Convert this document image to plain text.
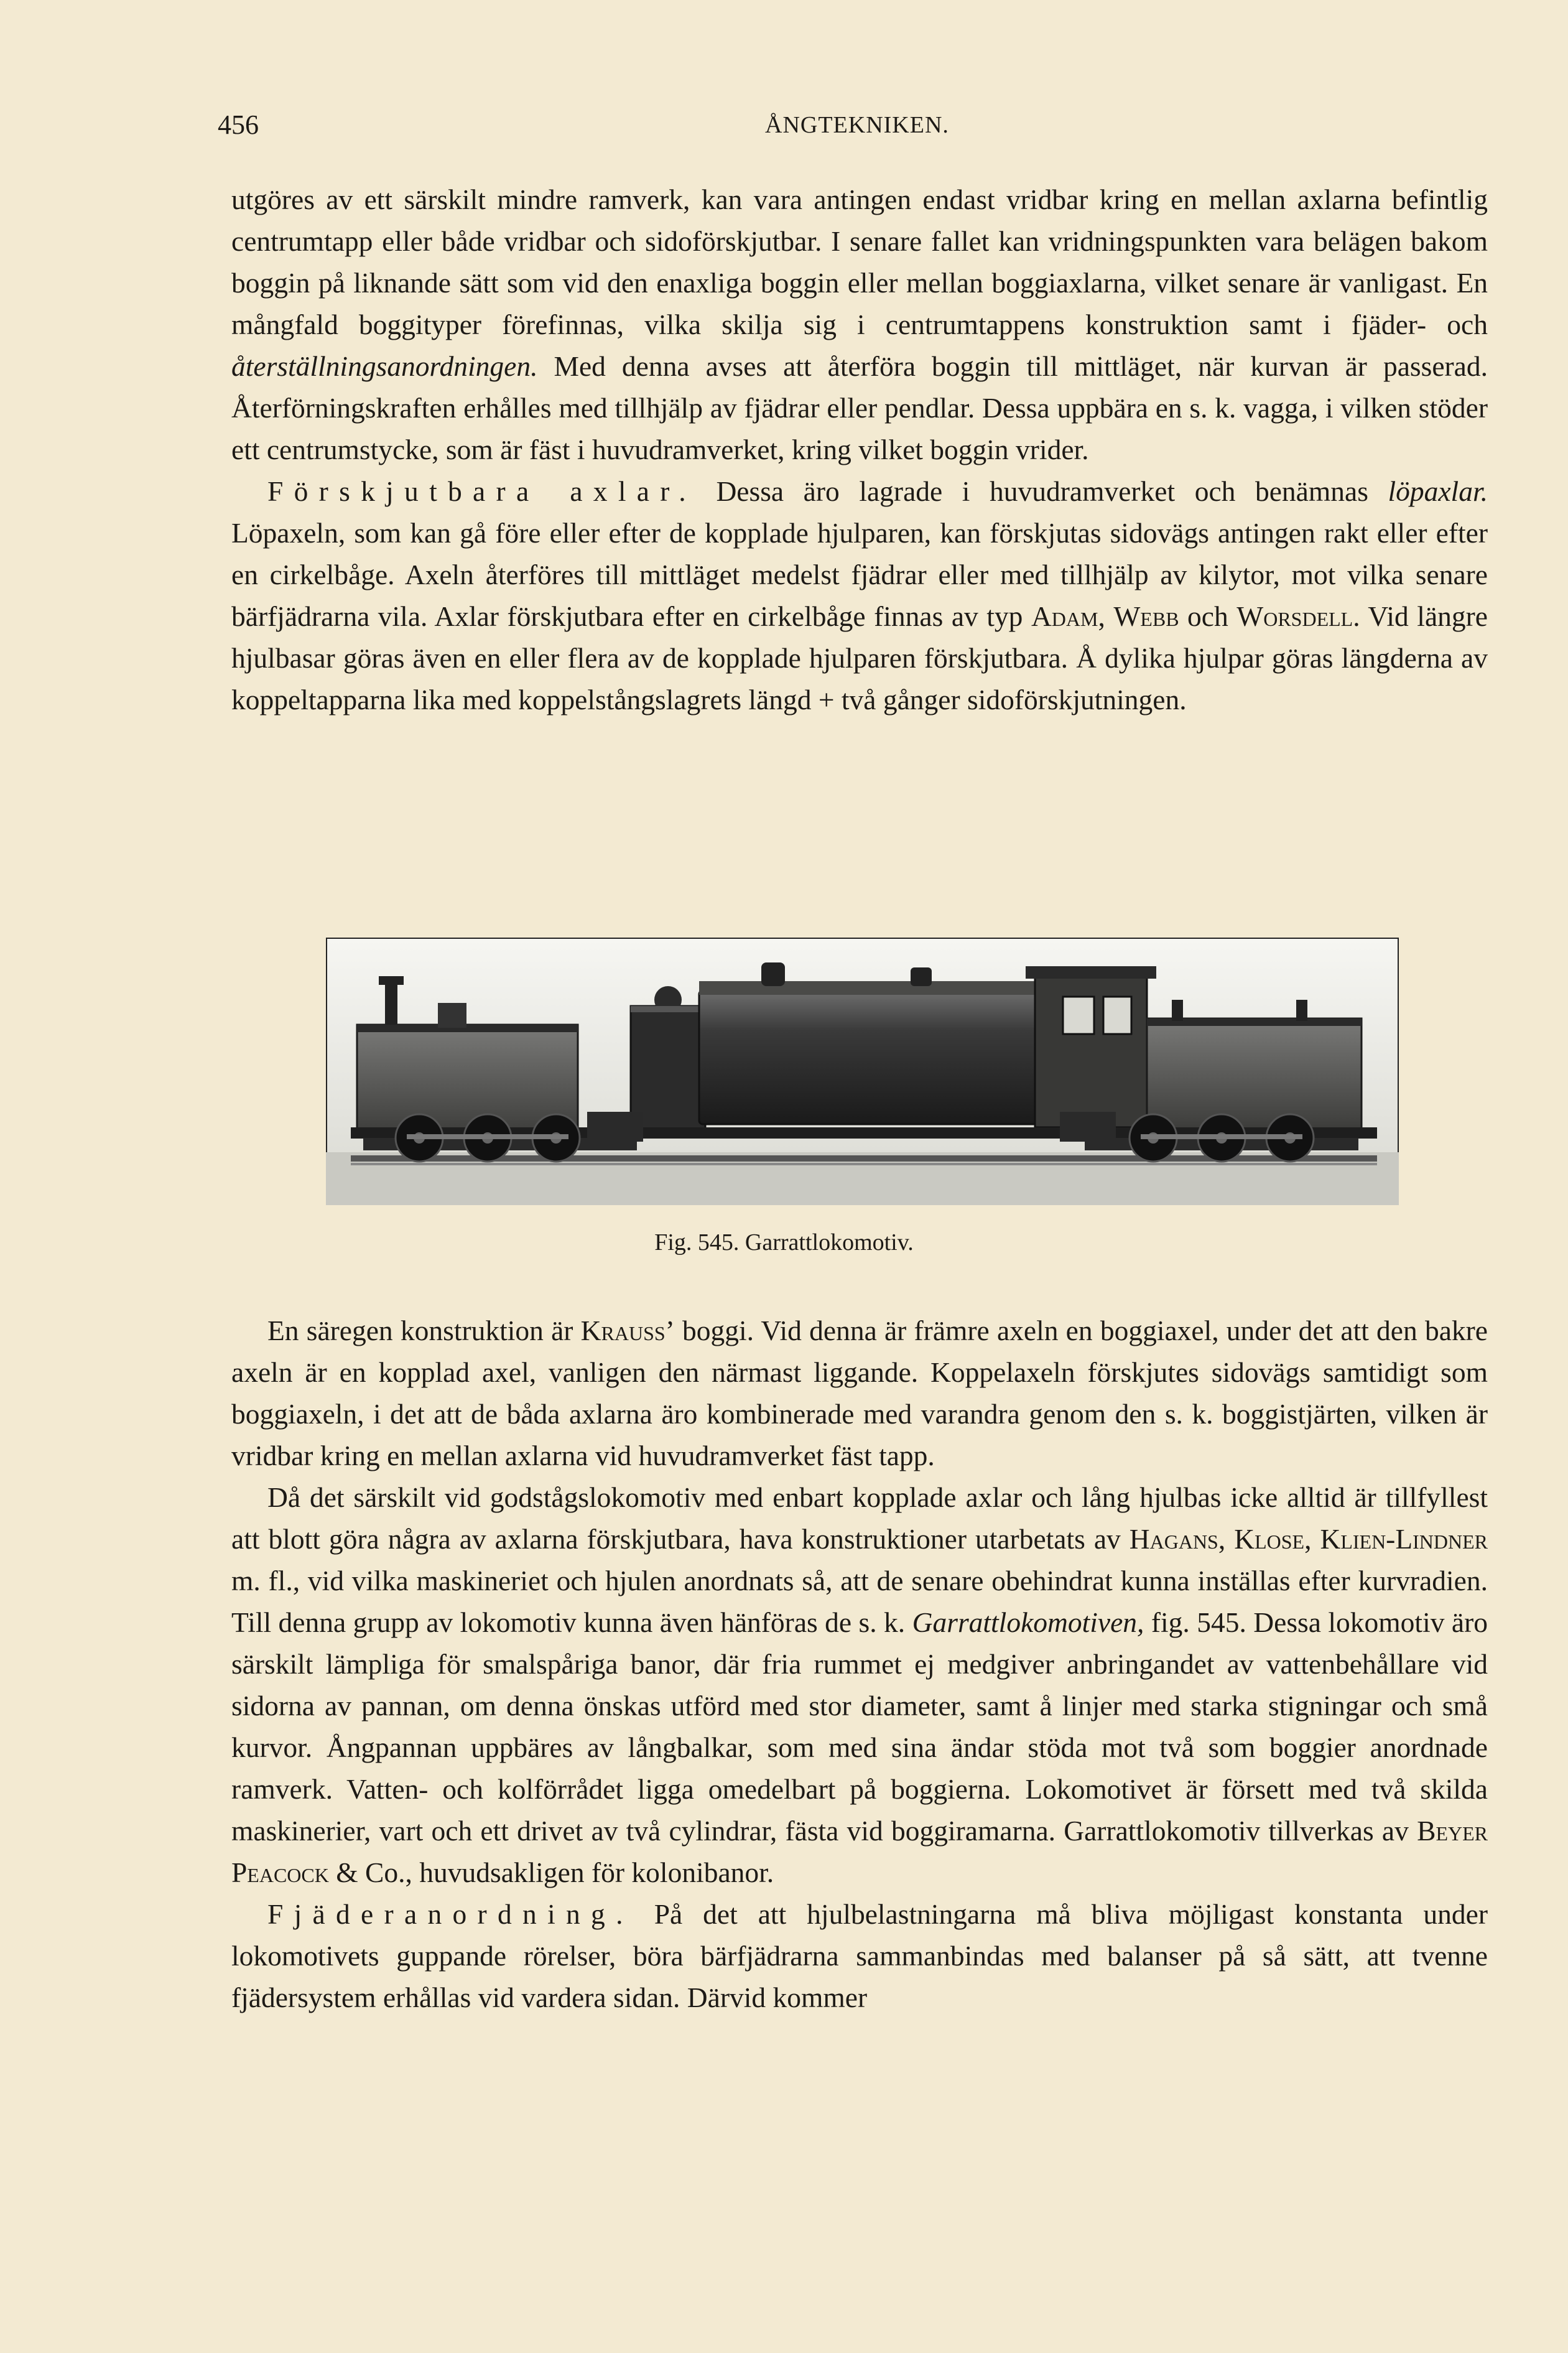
456	ÅNGTEKNIKEN.

utgöres av ett särskilt mindre ramverk, kan vara antingen endast vridbar kring en mellan axlarna befintlig centrumtapp eller både vridbar och sidoförskjutbar. I senare fallet kan vridningspunkten vara belägen bakom boggin på liknande sätt som vid den enaxliga boggin eller mellan boggiaxlarna, vilket senare är vanligast. En mångfald boggityper förefinnas, vilka skilja sig i centrumtappens konstruktion samt i fjäder- och återställningsanordningen. Med denna avses att återföra boggin till mittläget, när kurvan är passerad. Återförningskraften erhålles med tillhjälp av fjädrar eller pendlar. Dessa uppbära en s. k. vagga, i vilken stöder ett centrumstycke, som är fäst i huvudramverket, kring vilket boggin vrider.

Förskjutbara axlar. Dessa äro lagrade i huvudramverket och benämnas löpaxlar. Löpaxeln, som kan gå före eller efter de kopplade hjulparen, kan förskjutas sidovägs antingen rakt eller efter en cirkelbåge. Axeln återföres till mittläget medelst fjädrar eller med tillhjälp av kilytor, mot vilka senare bärfjädrarna vila. Axlar förskjutbara efter en cirkelbåge finnas av typ Adam, Webb och Worsdell. Vid längre hjulbasar göras även en eller flera av de kopplade hjulparen förskjutbara. Å dylika hjulpar göras längderna av koppeltapparna lika med koppelstångslagrets längd + två gånger sidoförskjutningen.

Fig. 545. Garrattlokomotiv.

En säregen konstruktion är Krauss’ boggi. Vid denna är främre axeln en boggiaxel, under det att den bakre axeln är en kopplad axel, vanligen den närmast liggande. Koppelaxeln förskjutes sidovägs samtidigt som boggiaxeln, i det att de båda axlarna äro kombinerade med varandra genom den s. k. boggistjärten, vilken är vridbar kring en mellan axlarna vid huvudramverket fäst tapp.

Då det särskilt vid godstågslokomotiv med enbart kopplade axlar och lång hjulbas icke alltid är tillfyllest att blott göra några av axlarna förskjutbara, hava konstruktioner utarbetats av Hagans, Klose, Klien-Lindner m. fl., vid vilka maskineriet och hjulen anordnats så, att de senare obehindrat kunna inställas efter kurvradien. Till denna grupp av lokomotiv kunna även hänföras de s. k. Garrattlokomotiven, fig. 545. Dessa lokomotiv äro särskilt lämpliga för smalspåriga banor, där fria rummet ej medgiver anbringandet av vattenbehållare vid sidorna av pannan, om denna önskas utförd med stor diameter, samt å linjer med starka stigningar och små kurvor. Ångpannan uppbäres av långbalkar, som med sina ändar stöda mot två som boggier anordnade ramverk. Vatten- och kolförrådet ligga omedelbart på boggierna. Lokomotivet är försett med två skilda maskinerier, vart och ett drivet av två cylindrar, fästa vid boggiramarna. Garrattlokomotiv tillverkas av Beyer Peacock & Co., huvudsakligen för kolonibanor.

Fjäderanordning. På det att hjulbelastningarna må bliva möjligast konstanta under lokomotivets guppande rörelser, böra bärfjädrarna sammanbindas med balanser på så sätt, att tvenne fjädersystem erhållas vid vardera sidan. Därvid kommer
